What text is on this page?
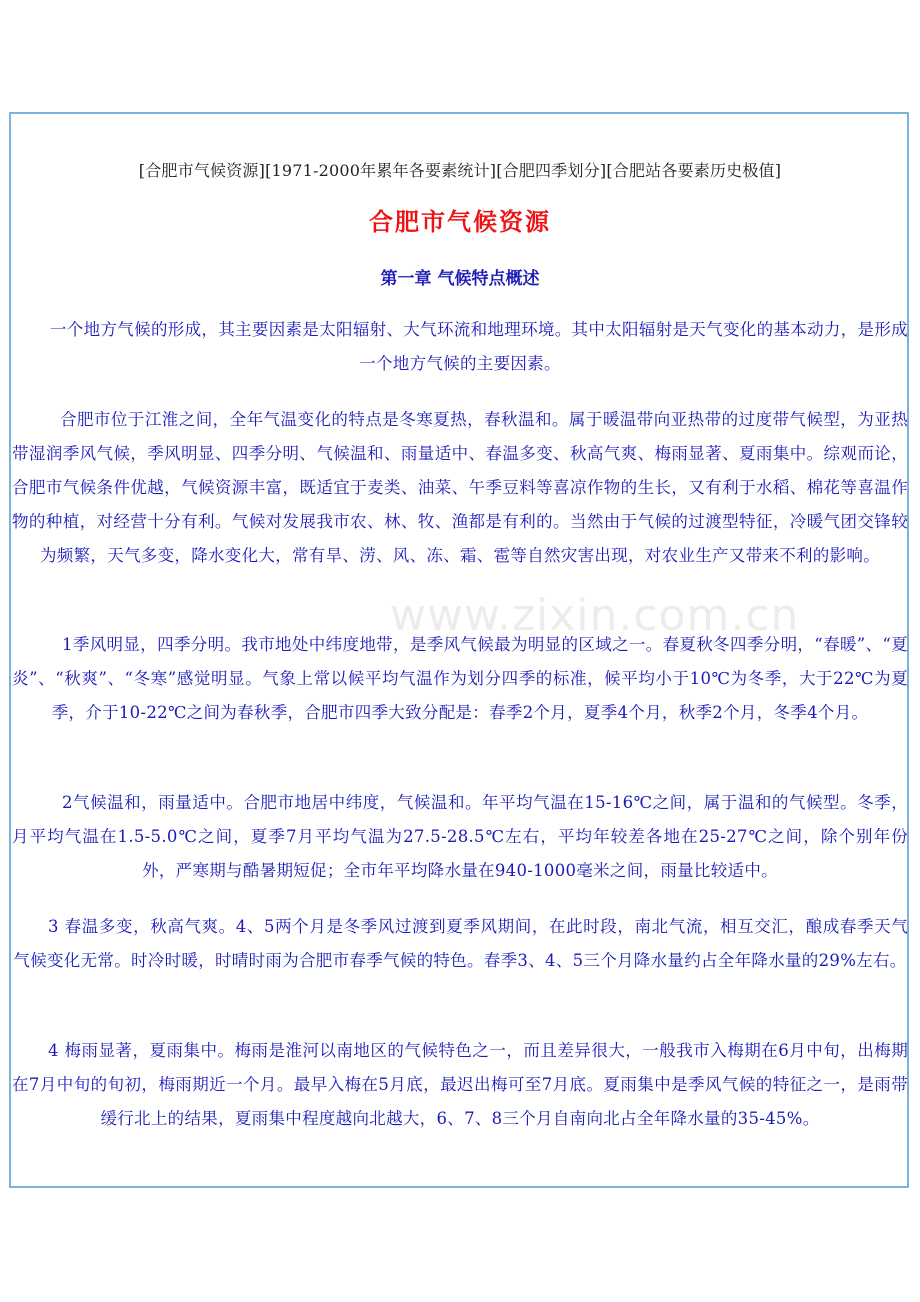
[合肥市气候资源][1971-2000年累年各要素统计][合肥四季划分][合肥站各要素历史极值]
合肥市气候资源
第一章 气候特点概述

一个地方气候的形成，其主要因素是太阳辐射、大气环流和地理环境。其中太阳辐射是天气变化的基本动力，是形成一个地方气候的主要因素。

合肥市位于江淮之间，全年气温变化的特点是冬寒夏热，春秋温和。属于暖温带向亚热带的过度带气候型，为亚热带湿润季风气候，季风明显、四季分明、气候温和、雨量适中、春温多变、秋高气爽、梅雨显著、夏雨集中。综观而论，合肥市气候条件优越，气候资源丰富，既适宜于麦类、油菜、午季豆料等喜凉作物的生长，又有利于水稻、棉花等喜温作物的种植，对经营十分有利。气候对发展我市农、林、牧、渔都是有利的。当然由于气候的过渡型特征，冷暖气团交锋较为频繁，天气多变，降水变化大，常有旱、涝、风、冻、霜、雹等自然灾害出现，对农业生产又带来不利的影响。

1季风明显，四季分明。我市地处中纬度地带，是季风气候最为明显的区域之一。春夏秋冬四季分明，“春暖”、“夏炎”、“秋爽”、“冬寒”感觉明显。气象上常以候平均气温作为划分四季的标准，候平均小于10℃为冬季，大于22℃为夏季，介于10-22℃之间为春秋季，合肥市四季大致分配是：春季2个月，夏季4个月，秋季2个月，冬季4个月。

2气候温和，雨量适中。合肥市地居中纬度，气候温和。年平均气温在15-16℃之间，属于温和的气候型。冬季，月平均气温在1.5-5.0℃之间，夏季7月平均气温为27.5-28.5℃左右，平均年较差各地在25-27℃之间，除个别年份外，严寒期与酷暑期短促；全市年平均降水量在940-1000毫米之间，雨量比较适中。

3 春温多变，秋高气爽。4、5两个月是冬季风过渡到夏季风期间，在此时段，南北气流，相互交汇，酿成春季天气气候变化无常。时冷时暖，时晴时雨为合肥市春季气候的特色。春季3、4、5三个月降水量约占全年降水量的29%左右。

4 梅雨显著，夏雨集中。梅雨是淮河以南地区的气候特色之一，而且差异很大，一般我市入梅期在6月中旬，出梅期在7月中旬的旬初，梅雨期近一个月。最早入梅在5月底，最迟出梅可至7月底。夏雨集中是季风气候的特征之一，是雨带缓行北上的结果，夏雨集中程度越向北越大，6、7、8三个月自南向北占全年降水量的35-45%。

www.zixin.com.cn
